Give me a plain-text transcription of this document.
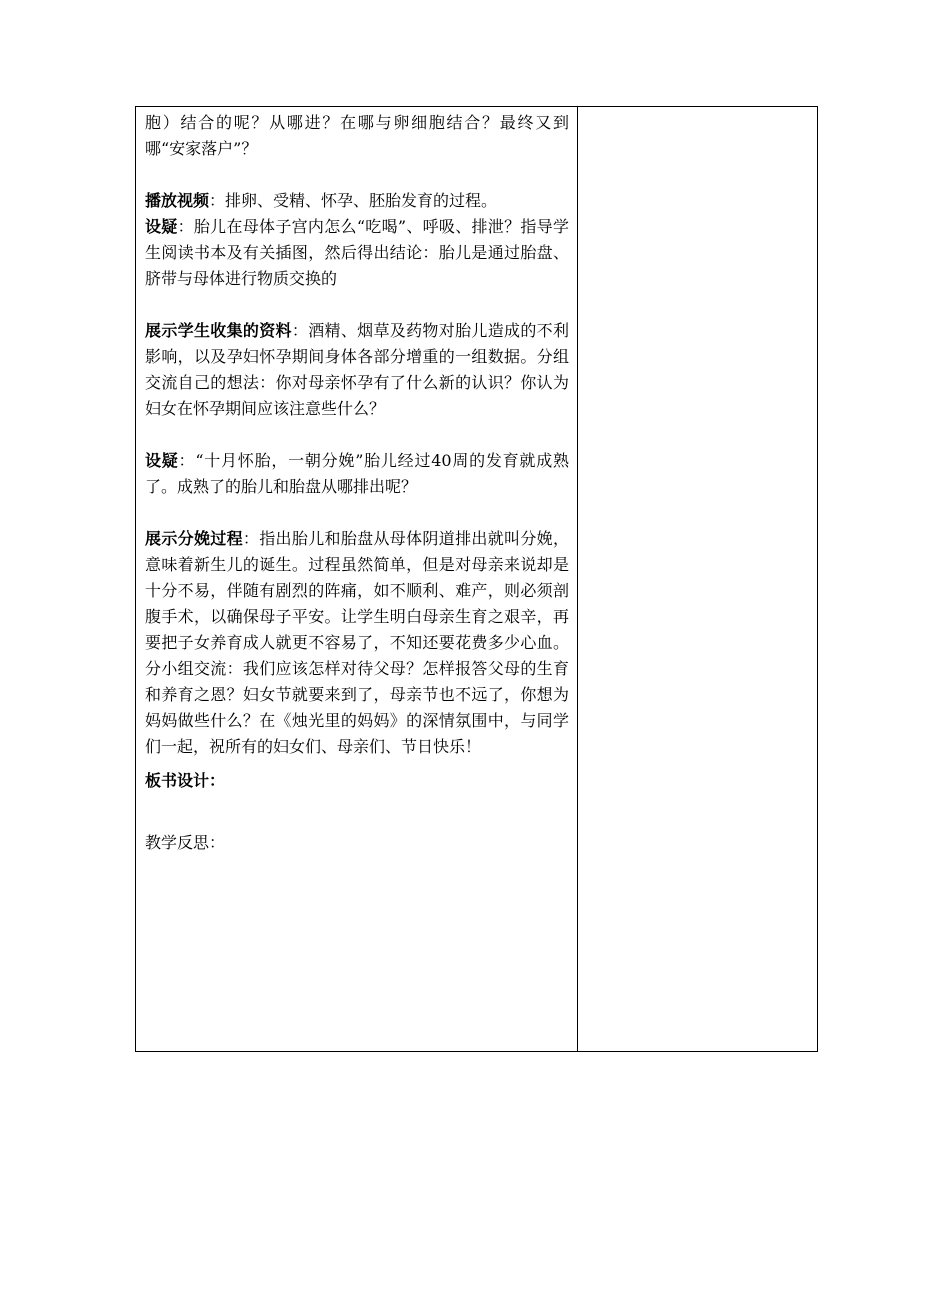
胞）结合的呢？从哪进？在哪与卵细胞结合？最终又到哪“安家落户”？

播放视频：排卵、受精、怀孕、胚胎发育的过程。

设疑：胎儿在母体子宫内怎么“吃喝”、呼吸、排泄？指导学生阅读书本及有关插图，然后得出结论：胎儿是通过胎盘、脐带与母体进行物质交换的

展示学生收集的资料：酒精、烟草及药物对胎儿造成的不利影响，以及孕妇怀孕期间身体各部分增重的一组数据。分组交流自己的想法：你对母亲怀孕有了什么新的认识？你认为妇女在怀孕期间应该注意些什么？

设疑：“十月怀胎，一朝分娩”胎儿经过40周的发育就成熟了。成熟了的胎儿和胎盘从哪排出呢？

展示分娩过程：指出胎儿和胎盘从母体阴道排出就叫分娩，意味着新生儿的诞生。过程虽然简单，但是对母亲来说却是十分不易，伴随有剧烈的阵痛，如不顺利、难产，则必须剖腹手术，以确保母子平安。让学生明白母亲生育之艰辛，再要把子女养育成人就更不容易了，不知还要花费多少心血。分小组交流：我们应该怎样对待父母？怎样报答父母的生育和养育之恩？妇女节就要来到了，母亲节也不远了，你想为妈妈做些什么？在《烛光里的妈妈》的深情氛围中，与同学们一起，祝所有的妇女们、母亲们、节日快乐！

板书设计：

教学反思：
